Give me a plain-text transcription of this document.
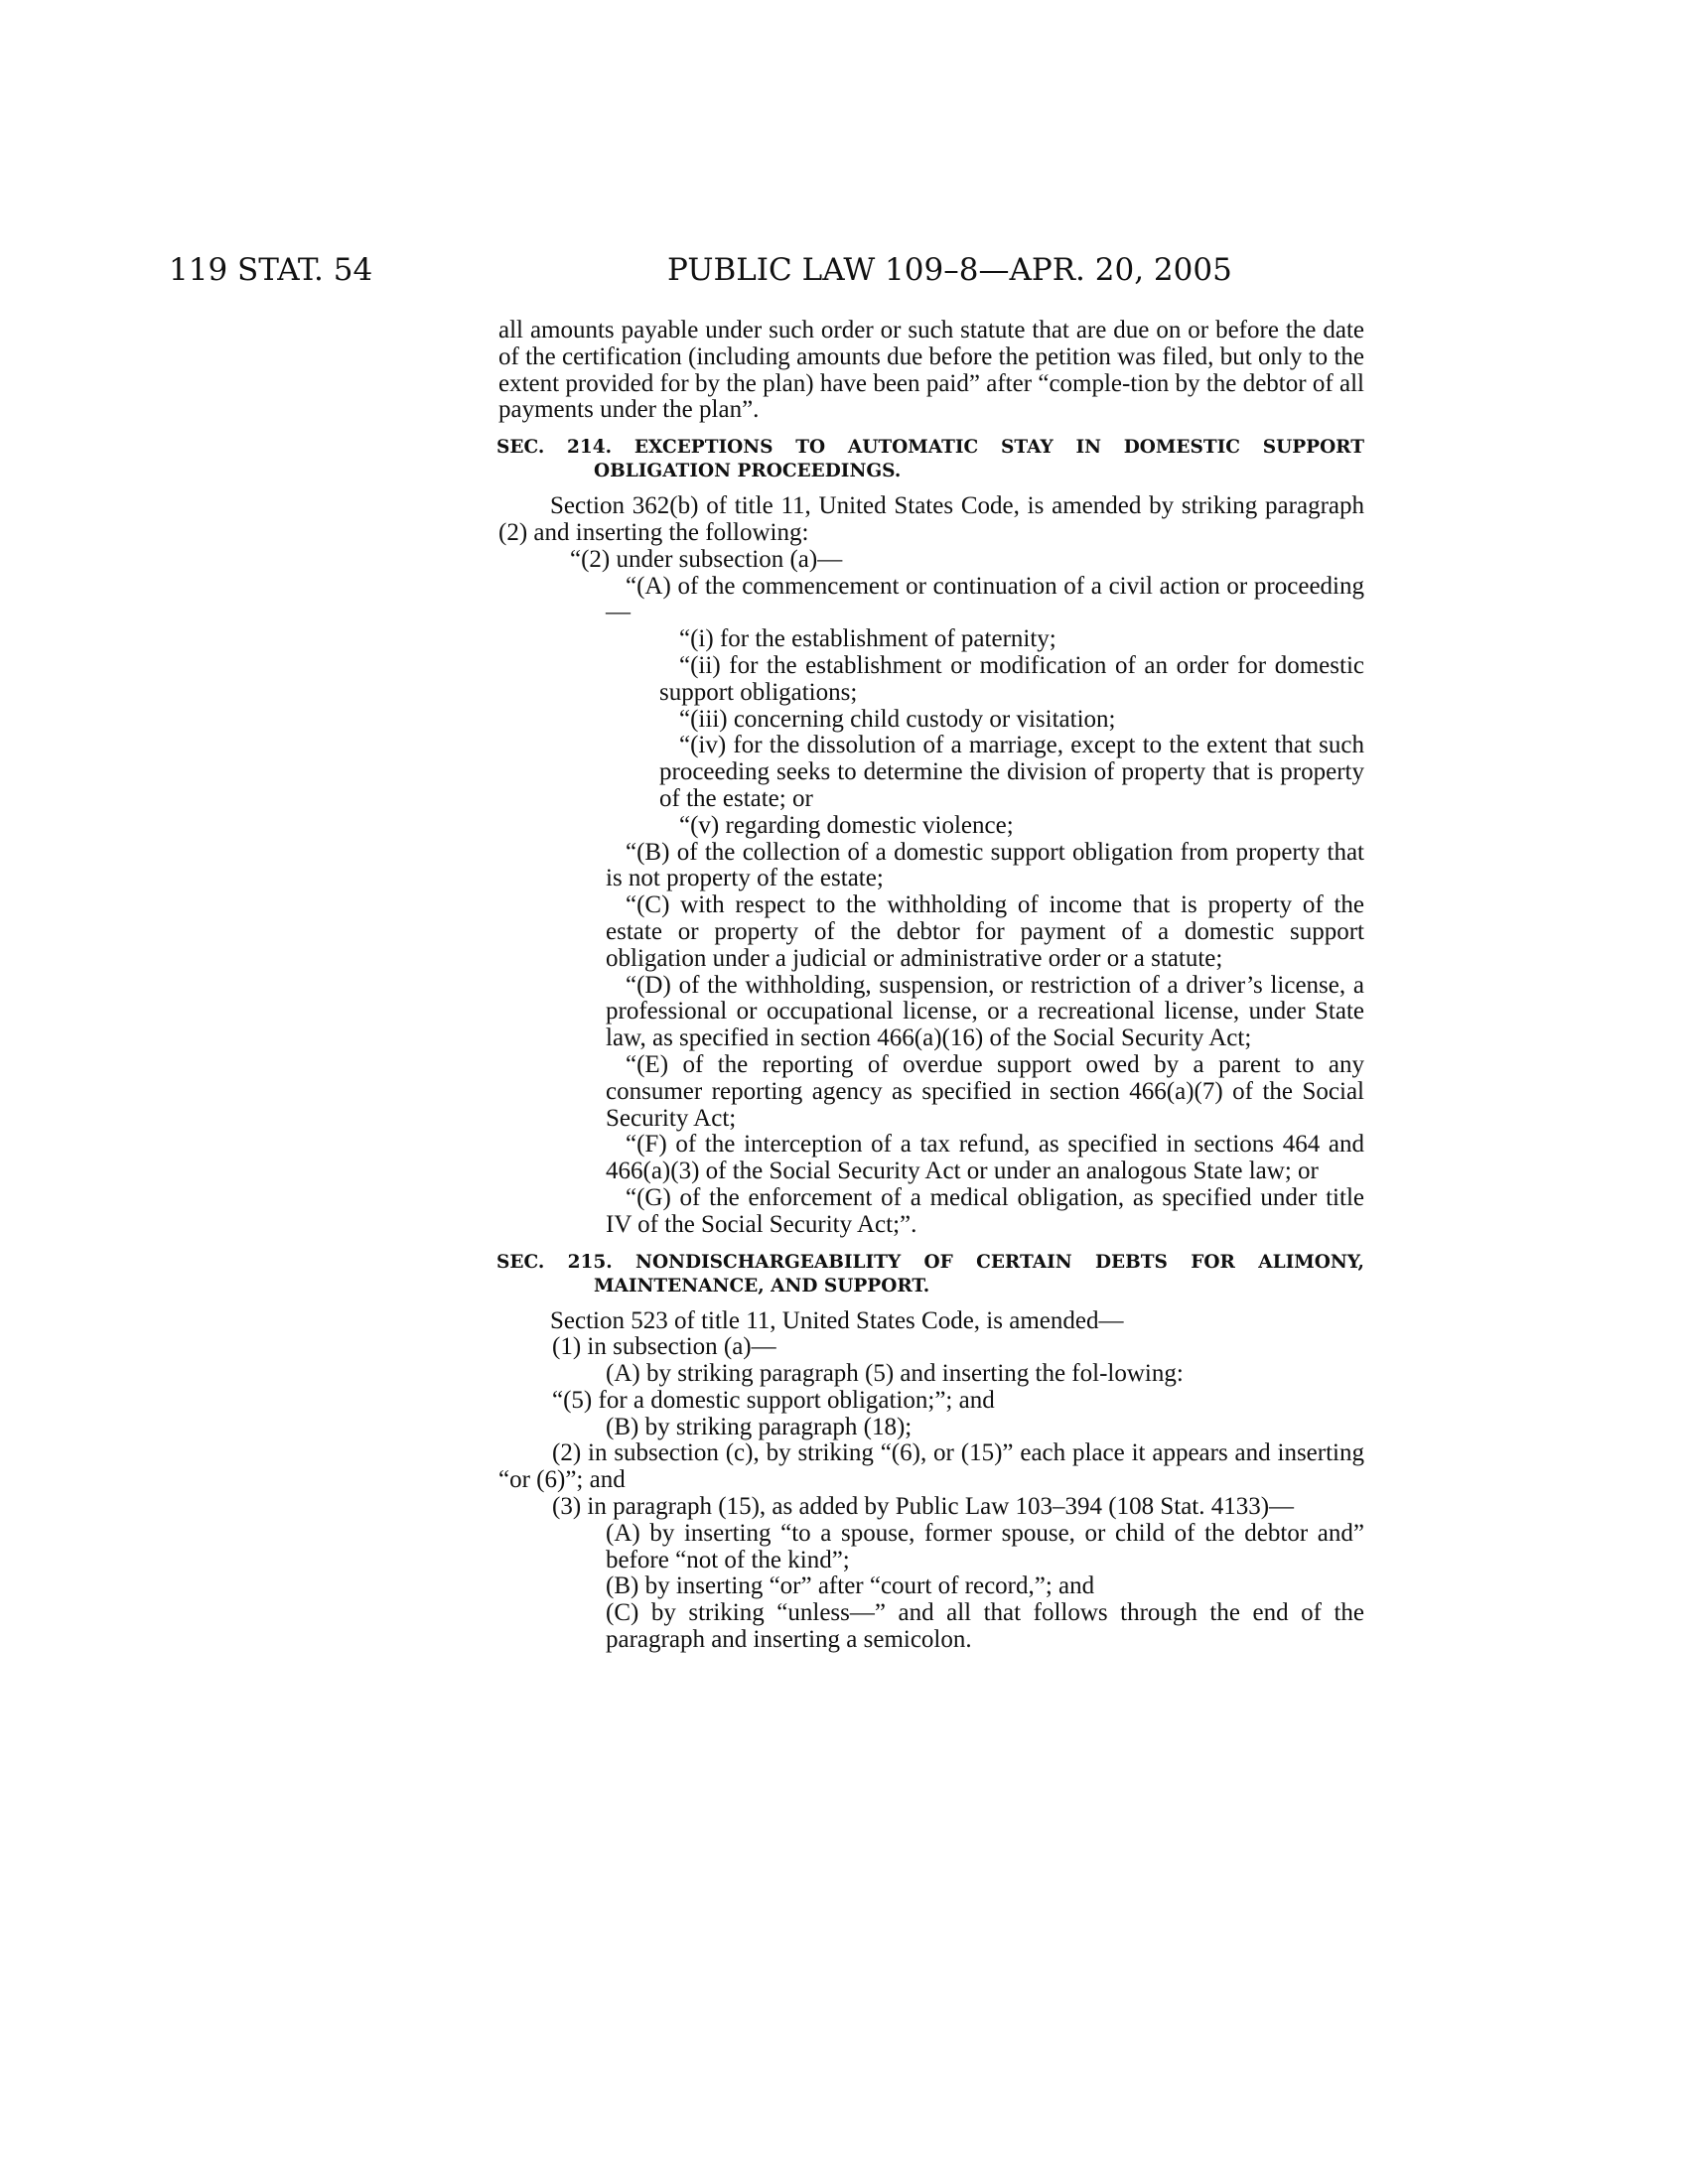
119 STAT. 54	PUBLIC LAW 109–8—APR. 20, 2005

all amounts payable under such order or such statute that are due on or before the date of the certification (including amounts due before the petition was filed, but only to the extent provided for by the plan) have been paid” after “comple-tion by the debtor of all payments under the plan”.

SEC. 214. EXCEPTIONS TO AUTOMATIC STAY IN DOMESTIC SUPPORT OBLIGATION PROCEEDINGS.

Section 362(b) of title 11, United States Code, is amended by striking paragraph (2) and inserting the following:

“(2) under subsection (a)—

“(A) of the commencement or continuation of a civil action or proceeding—

“(i) for the establishment of paternity;

“(ii) for the establishment or modification of an order for domestic support obligations;

“(iii) concerning child custody or visitation;

“(iv) for the dissolution of a marriage, except to the extent that such proceeding seeks to determine the division of property that is property of the estate; or

“(v) regarding domestic violence;

“(B) of the collection of a domestic support obligation from property that is not property of the estate;

“(C) with respect to the withholding of income that is property of the estate or property of the debtor for payment of a domestic support obligation under a judicial or administrative order or a statute;

“(D) of the withholding, suspension, or restriction of a driver’s license, a professional or occupational license, or a recreational license, under State law, as specified in section 466(a)(16) of the Social Security Act;

“(E) of the reporting of overdue support owed by a parent to any consumer reporting agency as specified in section 466(a)(7) of the Social Security Act;

“(F) of the interception of a tax refund, as specified in sections 464 and 466(a)(3) of the Social Security Act or under an analogous State law; or

“(G) of the enforcement of a medical obligation, as specified under title IV of the Social Security Act;”.

SEC. 215. NONDISCHARGEABILITY OF CERTAIN DEBTS FOR ALIMONY, MAINTENANCE, AND SUPPORT.

Section 523 of title 11, United States Code, is amended—

(1) in subsection (a)—

(A) by striking paragraph (5) and inserting the fol-lowing:

“(5) for a domestic support obligation;”; and

(B) by striking paragraph (18);

(2) in subsection (c), by striking “(6), or (15)” each place it appears and inserting “or (6)”; and

(3) in paragraph (15), as added by Public Law 103–394 (108 Stat. 4133)—

(A) by inserting “to a spouse, former spouse, or child of the debtor and” before “not of the kind”;

(B) by inserting “or” after “court of record,”; and

(C) by striking “unless—” and all that follows through the end of the paragraph and inserting a semicolon.
